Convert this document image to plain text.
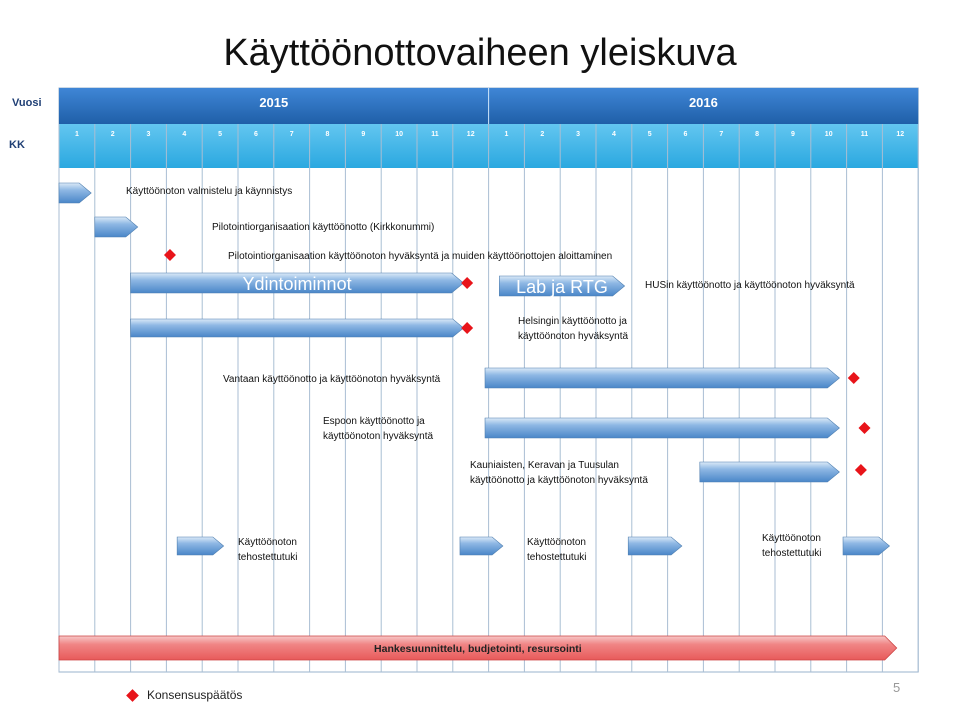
Käyttöönottovaiheen yleiskuva
Vuosi
KK
2015	2016
1	2	3	4	5	6	7	8	9	10	11	12	1	2	3	4	5	6	7	8	9	10	11	12
Ydintoiminnot	Lab ja RTG
Hankesuunnittelu, budjetointi, resursointi
Käyttöönoton valmistelu ja käynnistys
Pilotointiorganisaation käyttöönotto (Kirkkonummi)
Pilotointiorganisaation käyttöönoton hyväksyntä ja muiden käyttöönottojen aloittaminen
HUSin käyttöönotto ja käyttöönoton hyväksyntä
Helsingin käyttöönotto ja
käyttöönoton hyväksyntä
Vantaan käyttöönotto ja käyttöönoton hyväksyntä
Espoon käyttöönotto ja
käyttöönoton hyväksyntä
Kauniaisten, Keravan ja Tuusulan
käyttöönotto ja käyttöönoton hyväksyntä
Käyttöönoton
tehostettutuki
Käyttöönoton
tehostettutuki
Käyttöönoton
tehostettutuki
5
Konsensuspäätös
